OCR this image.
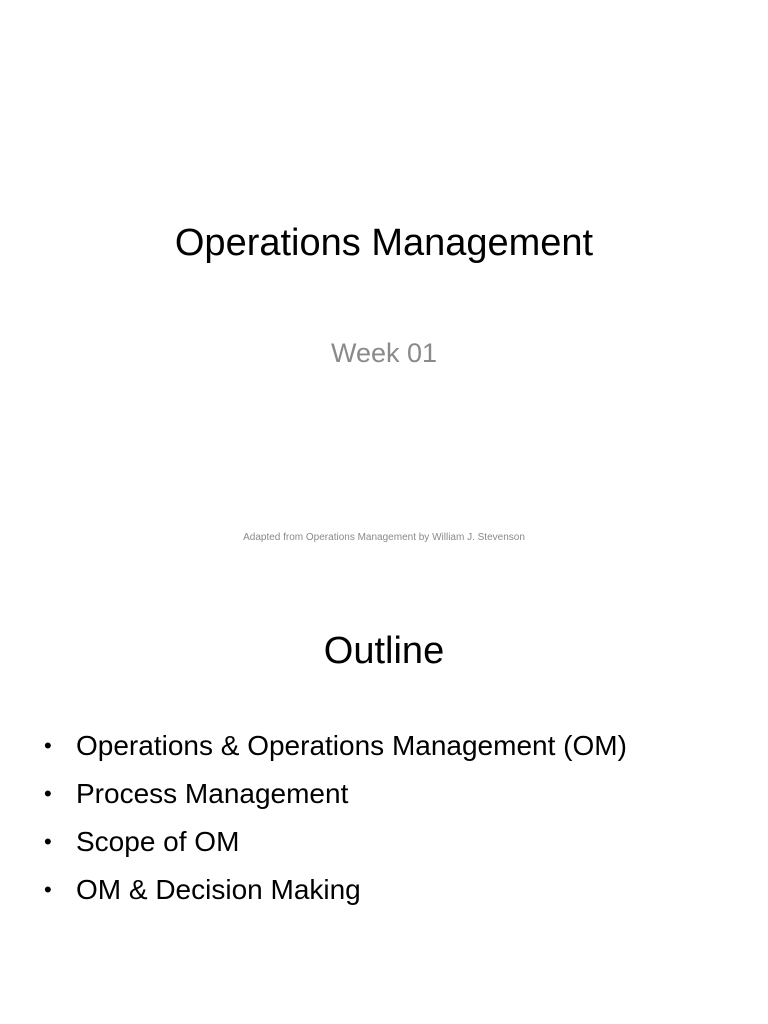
Operations Management
Week 01
Adapted from Operations Management by William J. Stevenson
Outline
• Operations & Operations Management (OM)
• Process Management
• Scope of OM
• OM & Decision Making
